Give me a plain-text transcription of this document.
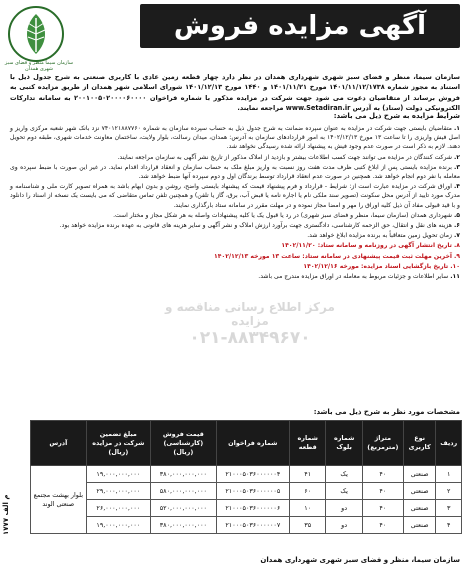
سازمان سیما منظر و فضای سبز شهری همدان
آگهی مزایده فروش زمین
سازمان سیما، منظر و فضای سبز شهری شهرداری همدان در نظر دارد چهار قطعه زمین عادی با کاربری صنعتی به شرح جدول ذیل با استناد به مجوز شماره ۱۴۰۱/۱۱/۱۲/۱۷۳۸ مورخ ۱۴۰۱/۱۱/۲۱ و ۱۴۴۰ مورخ ۱۴۰۱/۱۲/۱۳ شورای اسلامی شهر همدان از طریق مزایده کتبی به فروش برساند از متقاضیان دعوت می شود جهت شرکت در مزایده مذکور با شماره فراخوان ۲۰۰۱۰۰۵۰۲۰۰۰۰۶۰۰۰۰ به سامانه تدارکات الکترونیکی دولت (ستاد) به آدرس www.Setadiran.ir مراجعه نمایند.
شرایط مزایده به شرح ذیل می باشد:
۱.متقاضیان بایستی جهت شرکت در مزایده به عنوان سپرده ضمانت به شرح جدول ذیل به حساب سپرده سازمان به شماره ۷۴۰۱۲۱۸۸۷۷۶۰ نزد بانک شهر شعبه مرکزی واریز و اصل فیش واریزی را تا ساعت ۱۳ مورخ ۱۴۰۲/۱۲/۱۳ به امور قراردادهای سازمان به آدرس: همدان، میدان رسالت، بلوار ولایت، ساختمان معاونت خدمات شهری، طبقه دوم تحویل دهند. لازم به ذکر است در صورت عدم وجود فیش به پیشنهاد ارائه شده رسیدگی نخواهد شد.
۲.شرکت کنندگان در مزایده می توانند جهت کسب اطلاعات بیشتر و بازدید از املاک مذکور از تاریخ نشر آگهی به سازمان مراجعه نمایند.
۳.برنده مزایده بایستی پس از ابلاغ کتبی ظرف مدت هفت روز نسبت به واریز مبلغ ملک به حساب سازمان و انعقاد قرارداد اقدام نماید. در غیر این صورت با ضبط سپرده وی معامله با نفر دوم انجام خواهد شد. همچنین در صورت عدم انعقاد قرارداد توسط برندگان اول و دوم سپرده آنها ضبط خواهد شد.
۴.اوراق شرکت در مزایده عبارت است از: شرایط - قرارداد و فرم پیشنهاد قیمت که پیشنهاد بایستی واضح، روشن و بدون ابهام باشد به همراه تصویر کارت ملی و شناسنامه و مدرک مورد تایید از آدرس محل سکونت (تصویر سند ملکی نام یا اجاره نامه یا قبض آب، برق، گاز یا تلفن) و همچنین تلفن تماس متقاضی که می بایست یک نسخه از اسناد را دانلود و با قید قبولی مفاد آن ذیل کلیه اوراق را مهر و امضا مجاز نموده و در مهلت مقرر در سامانه ستاد بارگذاری نمایند.
۵.شهرداری همدان (سازمان سیما، منظر و فضای سبز شهری) در رد یا قبول یک یا کلیه پیشنهادات واصله به هر شکل مجاز و مختار است.
۶.هزینه های نقل و انتقال، حق الزحمه کارشناسی، دادگستری جهت برآورد ارزش املاک و نشر آگهی و سایر هزینه های قانونی به عهده برنده مزایده خواهد بود.
۷.زمان تحویل زمین متعاقباً به برنده مزایده ابلاغ خواهد شد.
۸.تاریخ انتشار آگهی در روزنامه و سامانه ستاد: ۱۴۰۲/۱۱/۲۰
۹.آخرین مهلت ثبت قیمت پیشنهادی در سامانه ستاد: ساعت ۱۳ مورخه ۱۴۰۲/۱۲/۱۳
۱۰.تاریخ بازگشایی اسناد مزایده: مورخه ۱۴۰۲/۱۲/۱۶
۱۱.سایر اطلاعات و جزئیات مربوط به معامله در اوراق مزایده مندرج می باشد.
مرکز اطلاع رسانی مناقصه و مزایده
۰۲۱-۸۸۳۴۹۶۷۰
مشخصات مورد نظر به شرح ذیل می باشد:
ردیف	نوع کاربری	متراژ (مترمربع)	شماره بلوک	شماره قطعه	شماره فراخوان	قیمت فروش (کارشناسی) (ریال)	مبلغ تضمین شرکت در مزایده (ریال)	آدرس
۱	صنعتی	۴۰	یک	۴۱	۲۱۰۰۰۵۰۳۶۰۰۰۰۰۰۴	۳۸۰,۰۰۰,۰۰۰,۰۰۰	۱۹,۰۰۰,۰۰۰,۰۰۰	بلوار بهشت مجتمع صنعتی الوند
۲	صنعتی	۴۰	یک	۶۰	۲۱۰۰۰۵۰۳۶۰۰۰۰۰۰۵	۵۸۰,۰۰۰,۰۰۰,۰۰۰	۲۹,۰۰۰,۰۰۰,۰۰۰	
۳	صنعتی	۴۰	دو	۱۰	۲۱۰۰۰۵۰۳۶۰۰۰۰۰۰۶	۵۲۰,۰۰۰,۰۰۰,۰۰۰	۲۶,۰۰۰,۰۰۰,۰۰۰	
۴	صنعتی	۴۰	دو	۳۵	۲۱۰۰۰۵۰۳۶۰۰۰۰۰۰۷	۳۸۰,۰۰۰,۰۰۰,۰۰۰	۱۹,۰۰۰,۰۰۰,۰۰۰	
م الف ۱۷۷۷
سازمان سیما، منظر و فضای سبز شهری شهرداری همدان
